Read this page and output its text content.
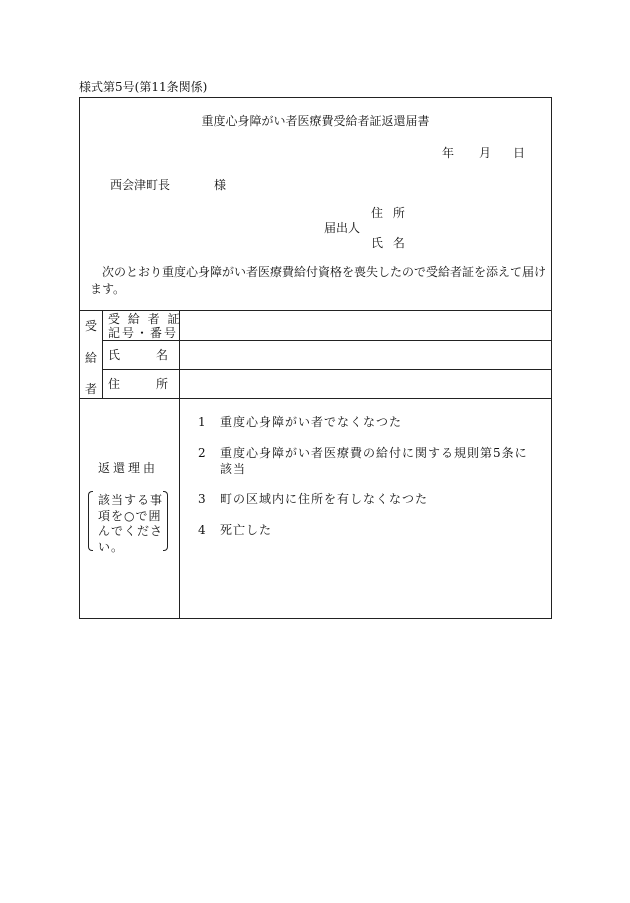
様式第5号(第11条関係)
重度心身障がい者医療費受給者証返還届書
年 月 日
西会津町長	様
住 所
届出人
氏 名
次のとおり重度心身障がい者医療費給付資格を喪失したので受給者証を添えて届けます。
受
給
者
受 給 者 証
記号・番号
氏　　　名
住　　　所
返還理由
該当する事項を○で囲んでください。
1 重度心身障がい者でなくなつた
2 重度心身障がい者医療費の給付に関する規則第5条に
該当
3 町の区域内に住所を有しなくなつた
4 死亡した
